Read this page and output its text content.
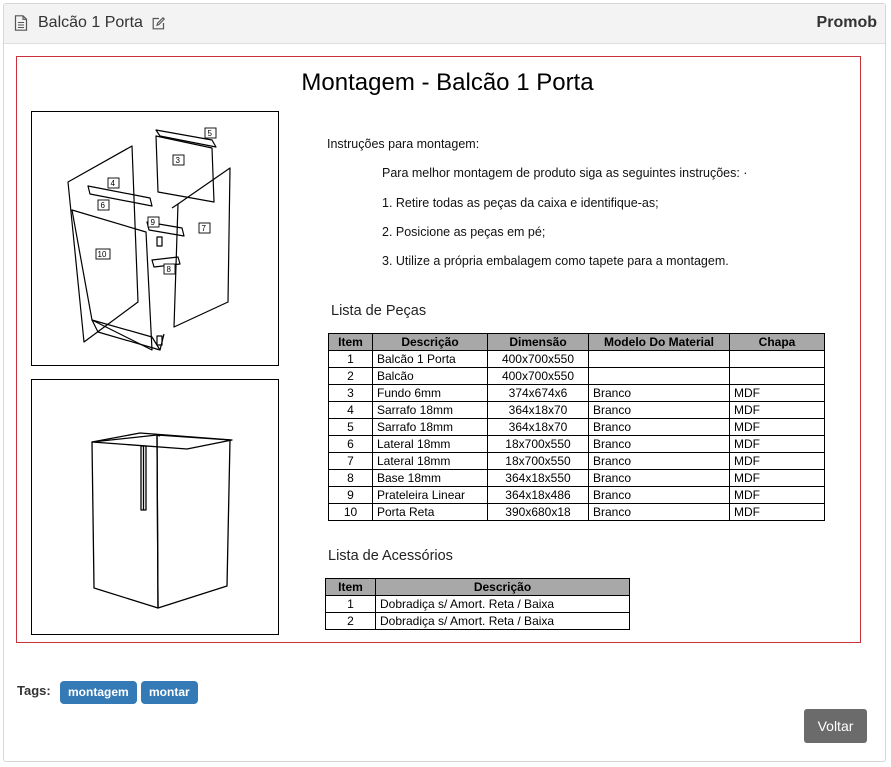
Balcão 1 Porta	Promob
Montagem - Balcão 1 Porta
5
3
4
6
9
7
10
8
Instruções para montagem:
Para melhor montagem de produto siga as seguintes instruções: ·
1. Retire todas as peças da caixa e identifique-as;
2. Posicione as peças em pé;
3. Utilize a própria embalagem como tapete para a montagem.
Lista de Peças
Item	Descrição	Dimensão	Modelo Do Material	Chapa
1	Balcão 1 Porta	400x700x550		
2	Balcão	400x700x550		
3	Fundo 6mm	374x674x6	Branco	MDF
4	Sarrafo 18mm	364x18x70	Branco	MDF
5	Sarrafo 18mm	364x18x70	Branco	MDF
6	Lateral 18mm	18x700x550	Branco	MDF
7	Lateral 18mm	18x700x550	Branco	MDF
8	Base 18mm	364x18x550	Branco	MDF
9	Prateleira Linear	364x18x486	Branco	MDF
10	Porta Reta	390x680x18	Branco	MDF
Lista de Acessórios
Item	Descrição
1	Dobradiça s/ Amort. Reta / Baixa
2	Dobradiça s/ Amort. Reta / Baixa
Tags:	montagem	montar
Voltar
